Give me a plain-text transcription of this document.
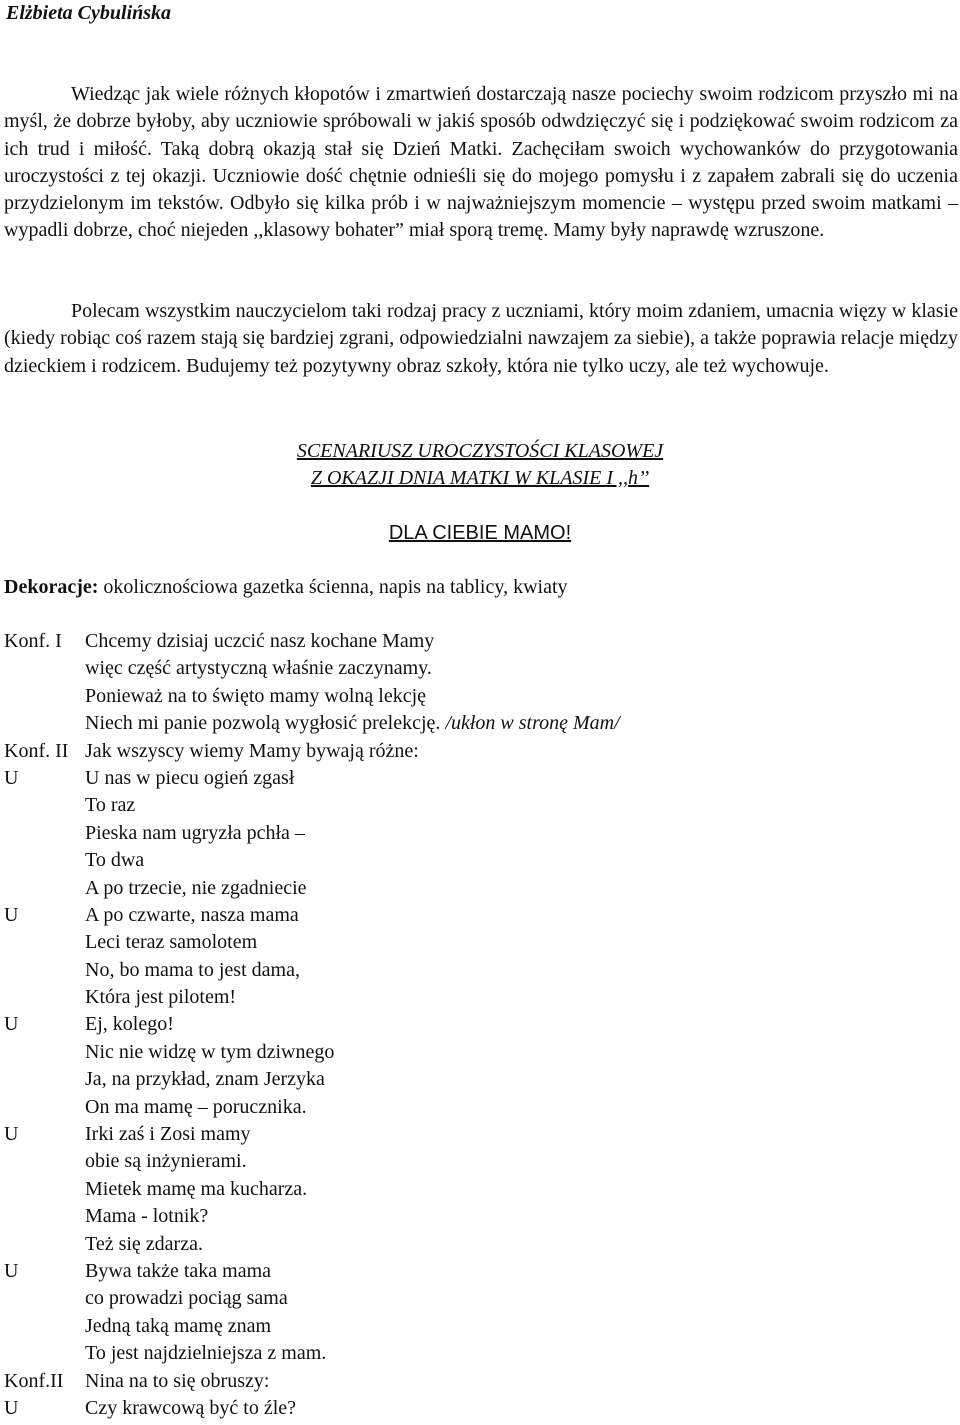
Elżbieta Cybulińska
Wiedząc jak wiele różnych kłopotów i zmartwień dostarczają nasze pociechy swoim rodzicom przyszło mi na myśl, że dobrze byłoby, aby uczniowie spróbowali w jakiś sposób odwdzięczyć się i podziękować swoim rodzicom za ich trud i miłość. Taką dobrą okazją stał się Dzień Matki. Zachęciłam swoich wychowanków do przygotowania uroczystości z tej okazji. Uczniowie dość chętnie odnieśli się do mojego pomysłu i z zapałem zabrali się do uczenia przydzielonym im tekstów. Odbyło się kilka prób i w najważniejszym momencie – występu przed swoim matkami – wypadli dobrze, choć niejeden ,,klasowy bohater” miał sporą tremę. Mamy były naprawdę wzruszone.
Polecam wszystkim nauczycielom taki rodzaj pracy z uczniami, który moim zdaniem, umacnia więzy w klasie (kiedy robiąc coś razem stają się bardziej zgrani, odpowiedzialni nawzajem za siebie), a także poprawia relacje między dzieckiem i rodzicem. Budujemy też pozytywny obraz szkoły, która nie tylko uczy, ale też wychowuje.
SCENARIUSZ UROCZYSTOŚCI KLASOWEJ
Z OKAZJI DNIA MATKI W KLASIE I ,,h’’
DLA CIEBIE MAMO!
Dekoracje: okolicznościowa gazetka ścienna, napis na tablicy, kwiaty
Konf. I Chcemy dzisiaj uczcić nasz kochane Mamy
więc część artystyczną właśnie zaczynamy.
Ponieważ na to święto mamy wolną lekcję
Niech mi panie pozwolą wygłosić prelekcję. /ukłon w stronę Mam/
Konf. II Jak wszyscy wiemy Mamy bywają różne:
U	U nas w piecu ogień zgasł
To raz
Pieska nam ugryzła pchła –
To dwa
A po trzecie, nie zgadniecie
U	A po czwarte, nasza mama
Leci teraz samolotem
No, bo mama to jest dama,
Która jest pilotem!
U	Ej, kolego!
Nic nie widzę w tym dziwnego
Ja, na przykład, znam Jerzyka
On ma mamę – porucznika.
U	Irki zaś i Zosi mamy
obie są inżynierami.
Mietek mamę ma kucharza.
Mama - lotnik?
Też się zdarza.
U	Bywa także taka mama
co prowadzi pociąg sama
Jedną taką mamę znam
To jest najdzielniejsza z mam.
Konf.II Nina na to się obruszy:
U	Czy krawcową być to źle?
